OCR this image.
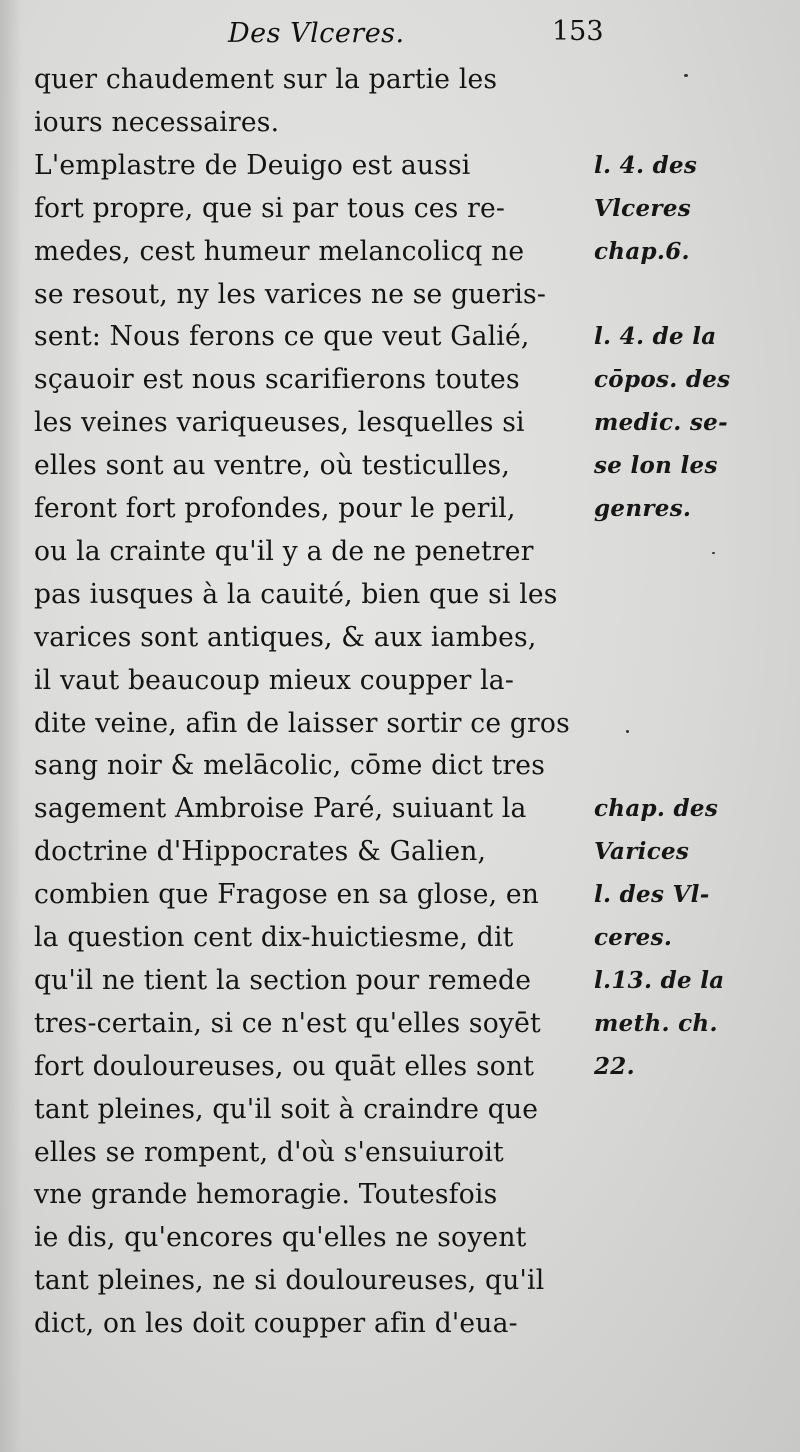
Des Vlceres.	153
quer chaudement sur la partie les
iours necessaires.
L'emplastre de Deuigo est aussi
fort propre, que si par tous ces re-
medes, cest humeur melancolicq ne
se resout, ny les varices ne se gueris-
sent: Nous ferons ce que veut Galié,
sçauoir est nous scarifierons toutes
les veines variqueuses, lesquelles si
elles sont au ventre, où testiculles,
feront fort profondes, pour le peril,
ou la crainte qu'il y a de ne penetrer
pas iusques à la cauité, bien que si les
varices sont antiques, & aux iambes,
il vaut beaucoup mieux coupper la-
dite veine, afin de laisser sortir ce gros
sang noir & melācolic, cōme dict tres
sagement Ambroise Paré, suiuant la
doctrine d'Hippocrates & Galien,
combien que Fragose en sa glose, en
la question cent dix-huictiesme, dit
qu'il ne tient la section pour remede
tres-certain, si ce n'est qu'elles soyēt
fort douloureuses, ou quāt elles sont
tant pleines, qu'il soit à craindre que
elles se rompent, d'où s'ensuiuroit
vne grande hemoragie. Toutesfois
ie dis, qu'encores qu'elles ne soyent
tant pleines, ne si douloureuses, qu'il
dict, on les doit coupper afin d'eua-
l. 4. des
Vlceres
chap.6.
l. 4. de la
cōpos. des
medic. se-
se lon les
genres.
chap. des
Varices
l. des Vl-
ceres.
l.13. de la
meth. ch.
22.
